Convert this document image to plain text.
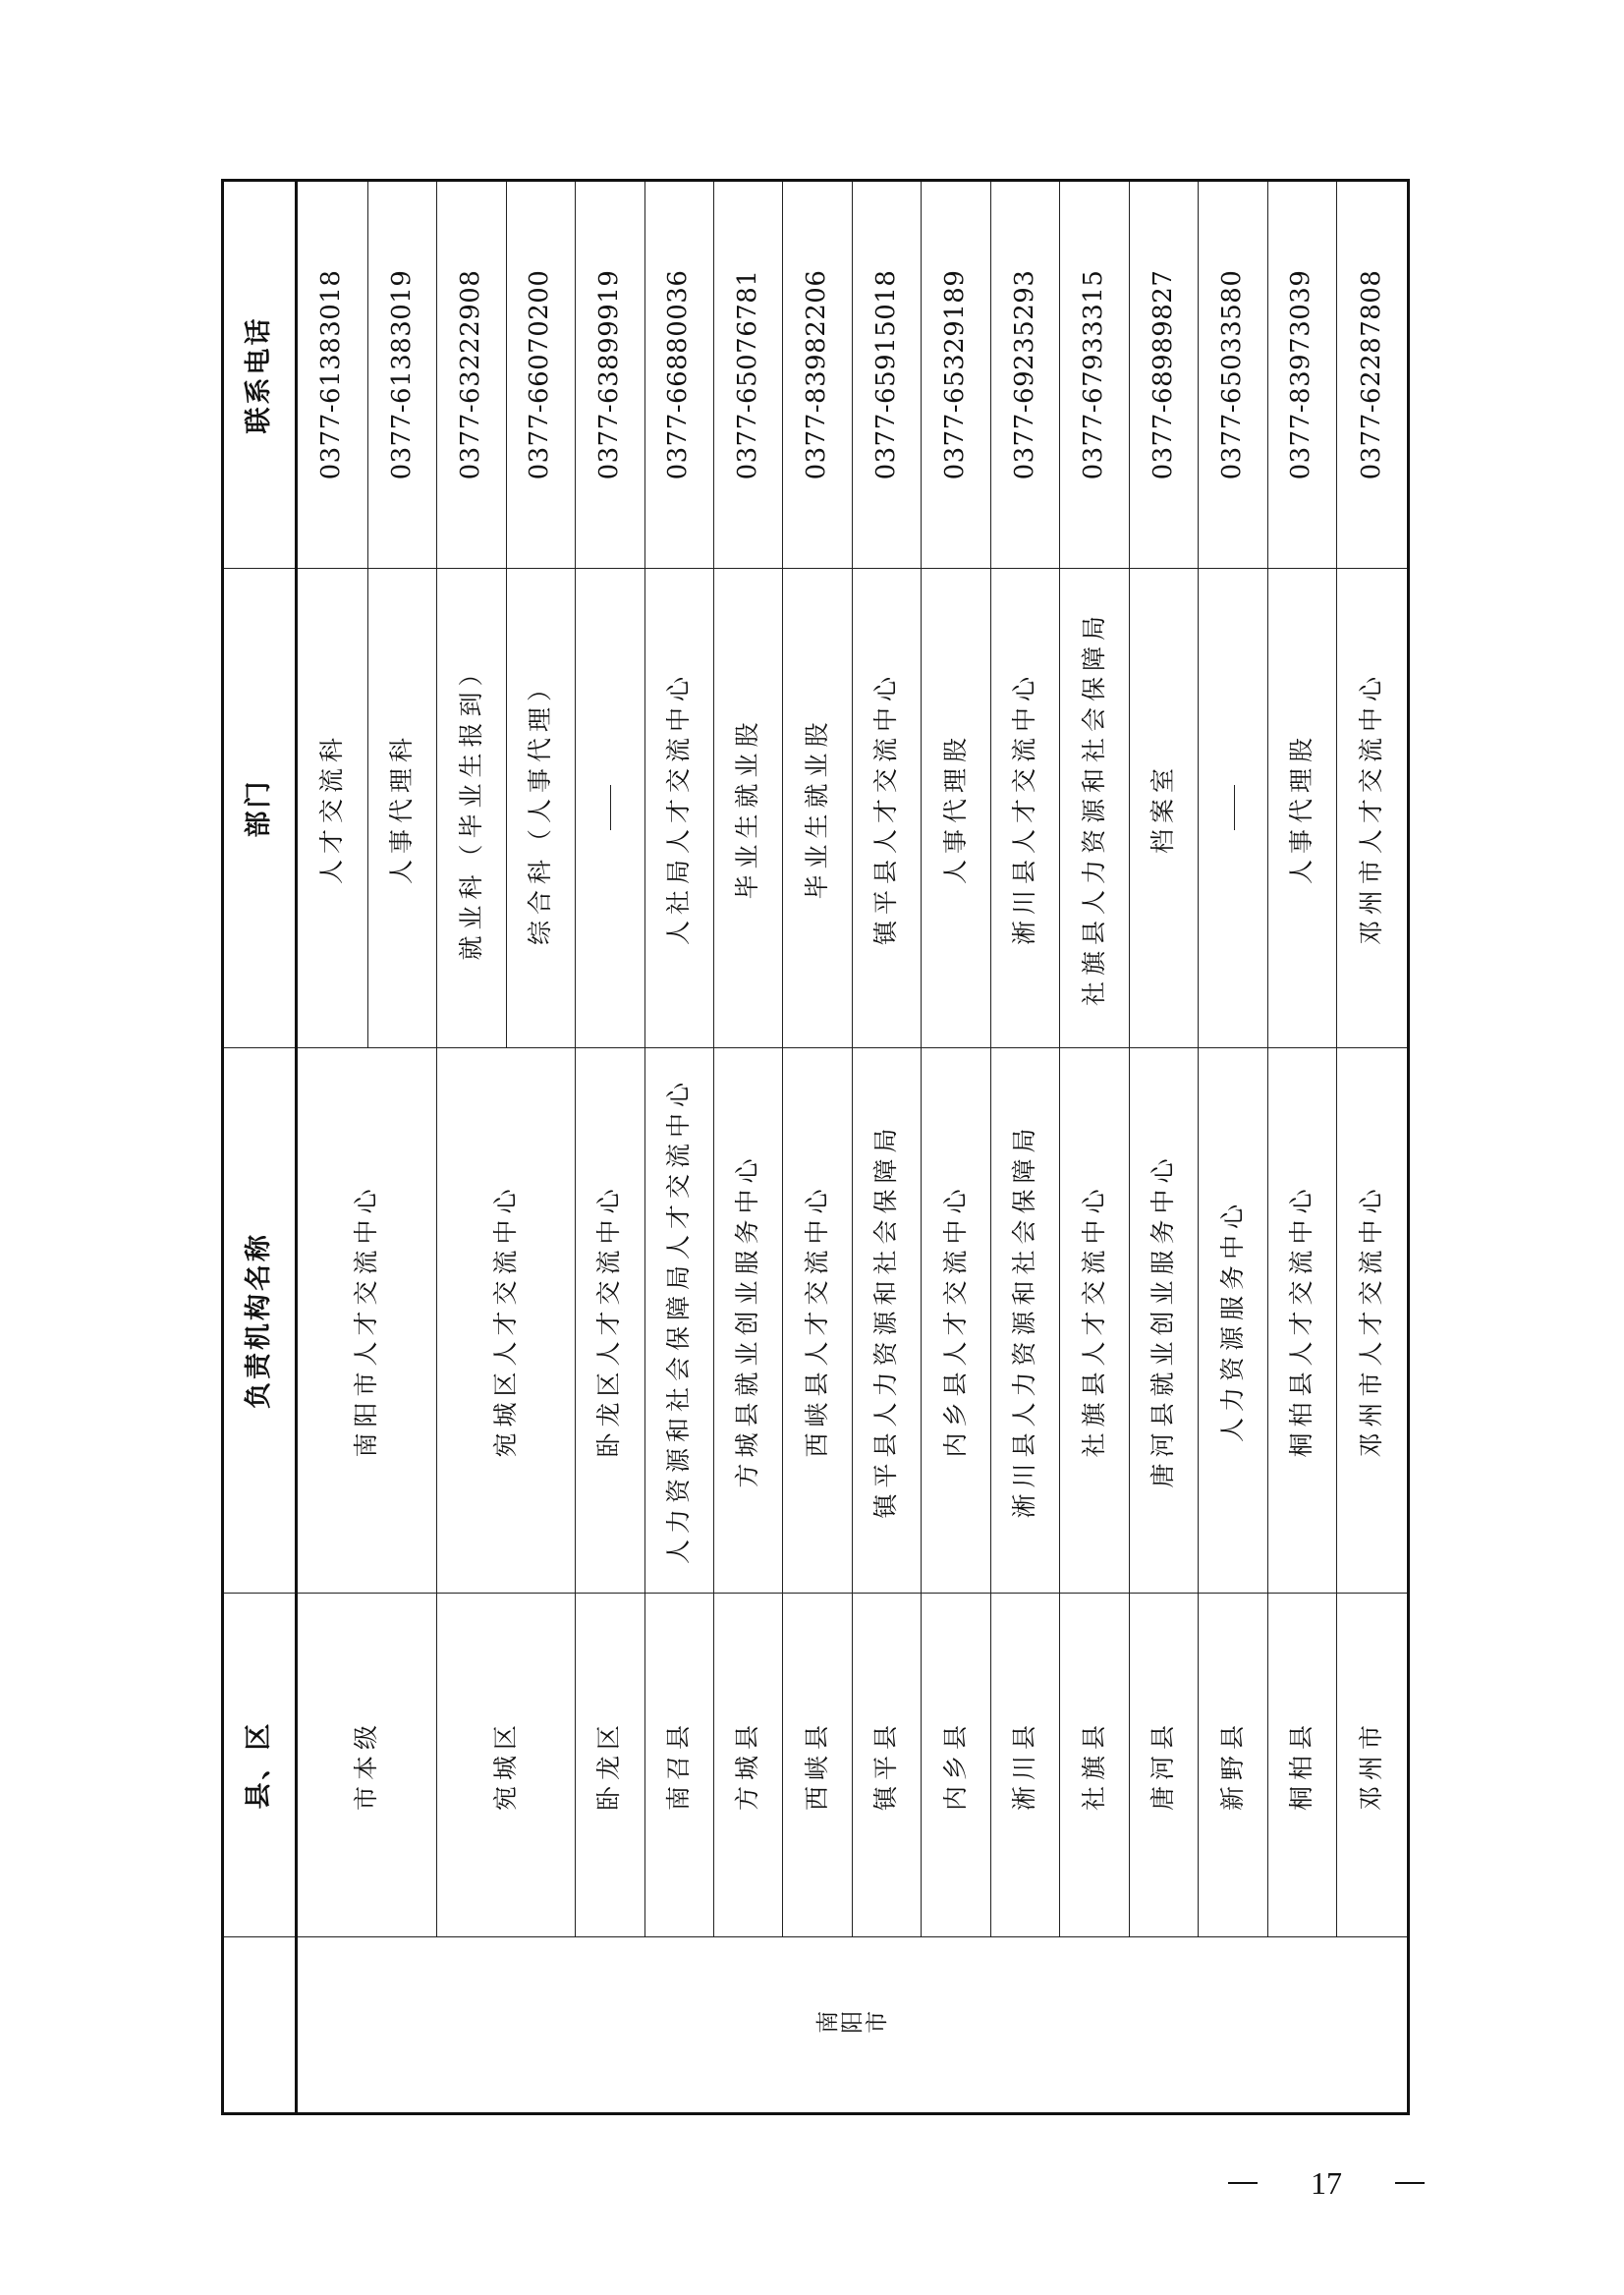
	县、区	负责机构名称	部门	联系电话
南阳市	市本级	南阳市人才交流中心	人才交流科	0377-61383018
			人事代理科	0377-61383019
	宛城区	宛城区人才交流中心	就业科（毕业生报到）	0377-63222908
			综合科（人事代理）	0377-66070200
	卧龙区	卧龙区人才交流中心		0377-63899919
	南召县	人力资源和社会保障局人才交流中心	人社局人才交流中心	0377-66880036
	方城县	方城县就业创业服务中心	毕业生就业股	0377-65076781
	西峡县	西峡县人才交流中心	毕业生就业股	0377-83982206
	镇平县	镇平县人力资源和社会保障局	镇平县人才交流中心	0377-65915018
	内乡县	内乡县人才交流中心	人事代理股	0377-65329189
	淅川县	淅川县人力资源和社会保障局	淅川县人才交流中心	0377-69235293
	社旗县	社旗县人才交流中心	社旗县人力资源和社会保障局	0377-67933315
	唐河县	唐河县就业创业服务中心	档案室	0377-68989827
	新野县	人力资源服务中心		0377-65033580
	桐柏县	桐柏县人才交流中心	人事代理股	0377-83973039
	邓州市	邓州市人才交流中心	邓州市人才交流中心	0377-62287808
17
